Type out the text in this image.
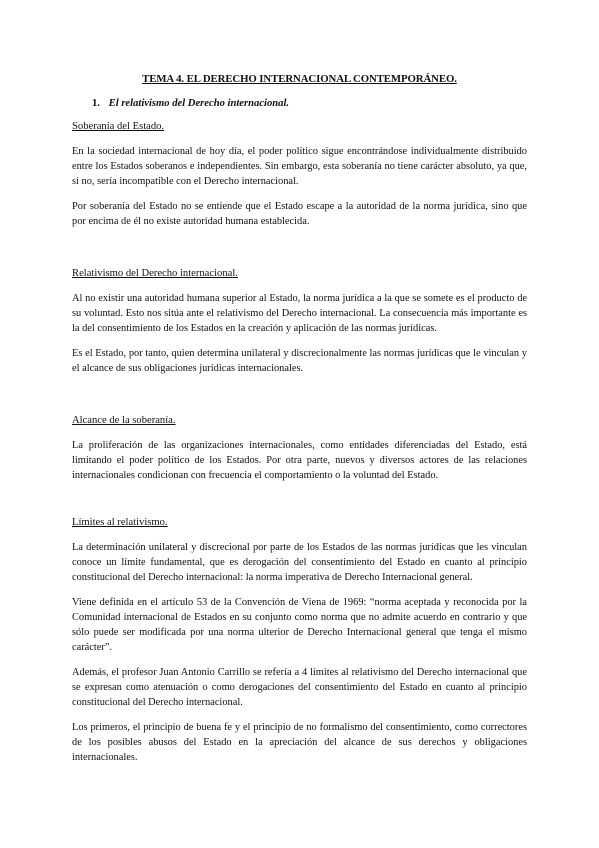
TEMA 4. EL DERECHO INTERNACIONAL CONTEMPORÁNEO.
1. El relativismo del Derecho internacional.
Soberanía del Estado.

En la sociedad internacional de hoy día, el poder político sigue encontrándose individualmente distribuido entre los Estados soberanos e independientes. Sin embargo, esta soberanía no tiene carácter absoluto, ya que, si no, sería incompatible con el Derecho internacional.

Por soberanía del Estado no se entiende que el Estado escape a la autoridad de la norma jurídica, sino que por encima de él no existe autoridad humana establecida.

Relativismo del Derecho internacional.

Al no existir una autoridad humana superior al Estado, la norma jurídica a la que se somete es el producto de su voluntad. Esto nos sitúa ante el relativismo del Derecho internacional. La consecuencia más importante es la del consentimiento de los Estados en la creación y aplicación de las normas jurídicas.

Es el Estado, por tanto, quien determina unilateral y discrecionalmente las normas jurídicas que le vinculan y el alcance de sus obligaciones jurídicas internacionales.

Alcance de la soberanía.

La proliferación de las organizaciones internacionales, como entidades diferenciadas del Estado, está limitando el poder político de los Estados. Por otra parte, nuevos y diversos actores de las relaciones internacionales condicionan con frecuencia el comportamiento o la voluntad del Estado.

Límites al relativismo.

La determinación unilateral y discrecional por parte de los Estados de las normas jurídicas que les vinculan conoce un límite fundamental, que es derogación del consentimiento del Estado en cuanto al principio constitucional del Derecho internacional: la norma imperativa de Derecho Internacional general.

Viene definida en el artículo 53 de la Convención de Viena de 1969: “norma aceptada y reconocida por la Comunidad internacional de Estados en su conjunto como norma que no admite acuerdo en contrario y que sólo puede ser modificada por una norma ulterior de Derecho Internacional general que tenga el mismo carácter”.

Además, el profesor Juan Antonio Carrillo se refería a 4 límites al relativismo del Derecho internacional que se expresan como atenuación o como derogaciones del consentimiento del Estado en cuanto al principio constitucional del Derecho internacional.

Los primeros, el principio de buena fe y el principio de no formalismo del consentimiento, como correctores de los posibles abusos del Estado en la apreciación del alcance de sus derechos y obligaciones internacionales.
